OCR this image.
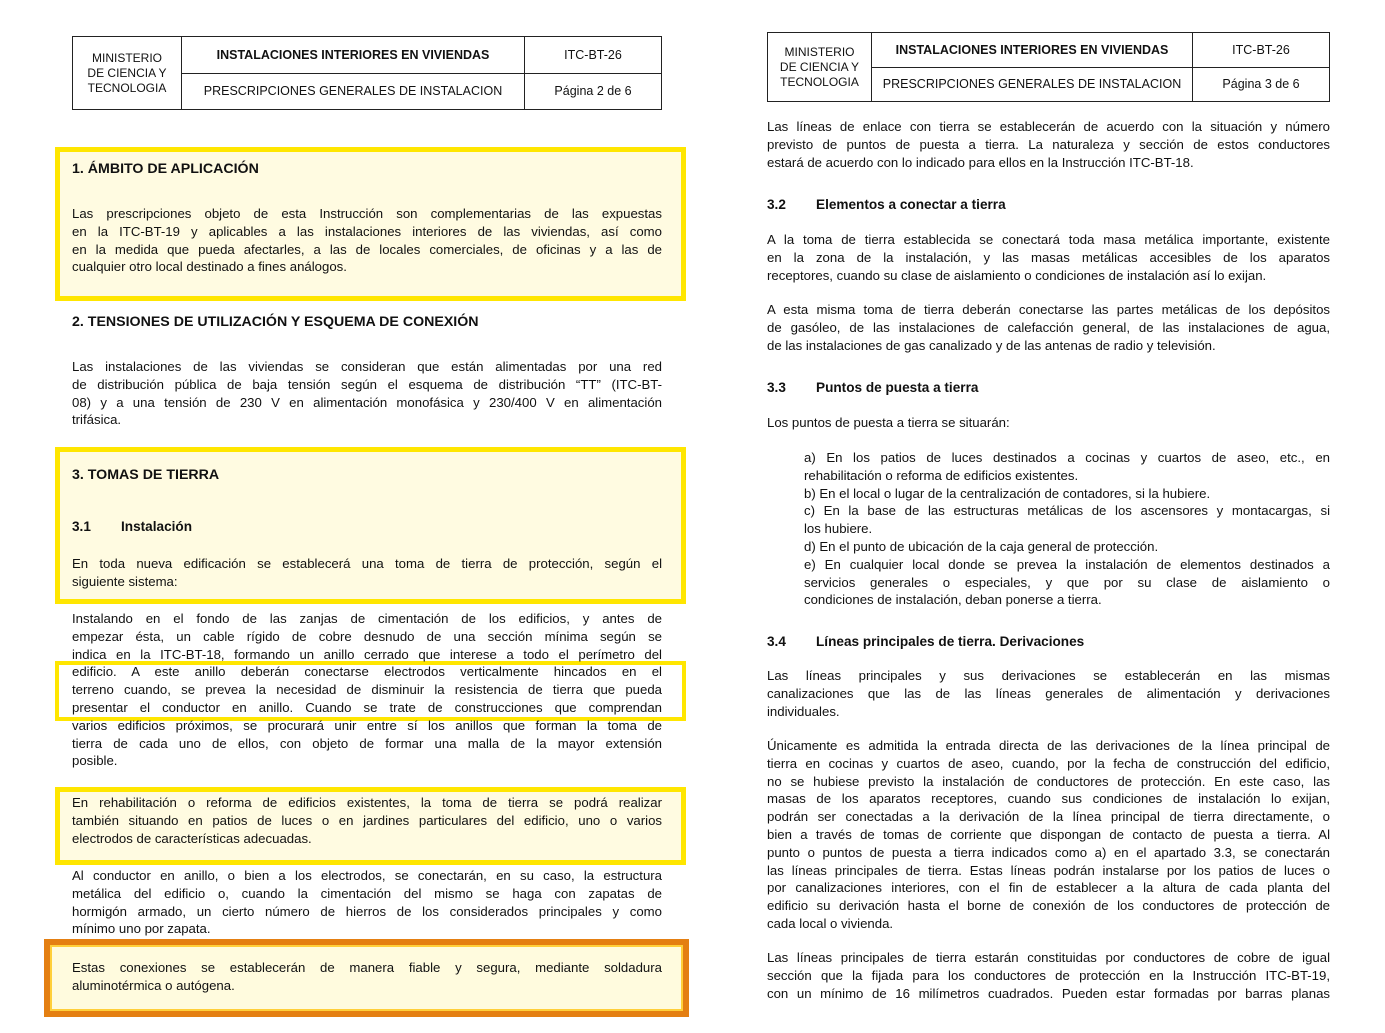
MINISTERIO
DE CIENCIA Y
TECNOLOGIA	INSTALACIONES INTERIORES EN VIVIENDAS	ITC-BT-26
	PRESCRIPCIONES GENERALES DE INSTALACION	Página 2 de 6
1. ÁMBITO DE APLICACIÓN
Las prescripciones objeto de esta Instrucción son complementarias de las expuestas
en la ITC-BT-19 y aplicables a las instalaciones interiores de las viviendas, así como
en la medida que pueda afectarles, a las de locales comerciales, de oficinas y a las de
cualquier otro local destinado a fines análogos.
2. TENSIONES DE UTILIZACIÓN Y ESQUEMA DE CONEXIÓN
Las instalaciones de las viviendas se consideran que están alimentadas por una red
de distribución pública de baja tensión según el esquema de distribución “TT” (ITC-BT-
08) y a una tensión de 230 V en alimentación monofásica y 230/400 V en alimentación
trifásica.
3. TOMAS DE TIERRA
3.1 Instalación
En toda nueva edificación se establecerá una toma de tierra de protección, según el
siguiente sistema:
Instalando en el fondo de las zanjas de cimentación de los edificios, y antes de
empezar ésta, un cable rígido de cobre desnudo de una sección mínima según se
indica en la ITC-BT-18, formando un anillo cerrado que interese a todo el perímetro del
edificio. A este anillo deberán conectarse electrodos verticalmente hincados en el
terreno cuando, se prevea la necesidad de disminuir la resistencia de tierra que pueda
presentar el conductor en anillo. Cuando se trate de construcciones que comprendan
varios edificios próximos, se procurará unir entre sí los anillos que forman la toma de
tierra de cada uno de ellos, con objeto de formar una malla de la mayor extensión
posible.
En rehabilitación o reforma de edificios existentes, la toma de tierra se podrá realizar
también situando en patios de luces o en jardines particulares del edificio, uno o varios
electrodos de características adecuadas.
Al conductor en anillo, o bien a los electrodos, se conectarán, en su caso, la estructura
metálica del edificio o, cuando la cimentación del mismo se haga con zapatas de
hormigón armado, un cierto número de hierros de los considerados principales y como
mínimo uno por zapata.
Estas conexiones se establecerán de manera fiable y segura, mediante soldadura
aluminotérmica o autógena.
MINISTERIO
DE CIENCIA Y
TECNOLOGIA	INSTALACIONES INTERIORES EN VIVIENDAS	ITC-BT-26
	PRESCRIPCIONES GENERALES DE INSTALACION	Página 3 de 6
Las líneas de enlace con tierra se establecerán de acuerdo con la situación y número
previsto de puntos de puesta a tierra. La naturaleza y sección de estos conductores
estará de acuerdo con lo indicado para ellos en la Instrucción ITC-BT-18.
3.2 Elementos a conectar a tierra
A la toma de tierra establecida se conectará toda masa metálica importante, existente
en la zona de la instalación, y las masas metálicas accesibles de los aparatos
receptores, cuando su clase de aislamiento o condiciones de instalación así lo exijan.
A esta misma toma de tierra deberán conectarse las partes metálicas de los depósitos
de gasóleo, de las instalaciones de calefacción general, de las instalaciones de agua,
de las instalaciones de gas canalizado y de las antenas de radio y televisión.
3.3 Puntos de puesta a tierra
Los puntos de puesta a tierra se situarán:
a) En los patios de luces destinados a cocinas y cuartos de aseo, etc., en
rehabilitación o reforma de edificios existentes.
b) En el local o lugar de la centralización de contadores, si la hubiere.
c) En la base de las estructuras metálicas de los ascensores y montacargas, si
los hubiere.
d) En el punto de ubicación de la caja general de protección.
e) En cualquier local donde se prevea la instalación de elementos destinados a
servicios generales o especiales, y que por su clase de aislamiento o
condiciones de instalación, deban ponerse a tierra.
3.4 Líneas principales de tierra. Derivaciones
Las líneas principales y sus derivaciones se establecerán en las mismas
canalizaciones que las de las líneas generales de alimentación y derivaciones
individuales.
Únicamente es admitida la entrada directa de las derivaciones de la línea principal de
tierra en cocinas y cuartos de aseo, cuando, por la fecha de construcción del edificio,
no se hubiese previsto la instalación de conductores de protección. En este caso, las
masas de los aparatos receptores, cuando sus condiciones de instalación lo exijan,
podrán ser conectadas a la derivación de la línea principal de tierra directamente, o
bien a través de tomas de corriente que dispongan de contacto de puesta a tierra. Al
punto o puntos de puesta a tierra indicados como a) en el apartado 3.3, se conectarán
las líneas principales de tierra. Estas líneas podrán instalarse por los patios de luces o
por canalizaciones interiores, con el fin de establecer a la altura de cada planta del
edificio su derivación hasta el borne de conexión de los conductores de protección de
cada local o vivienda.
Las líneas principales de tierra estarán constituidas por conductores de cobre de igual
sección que la fijada para los conductores de protección en la Instrucción ITC-BT-19,
con un mínimo de 16 milímetros cuadrados. Pueden estar formadas por barras planas
